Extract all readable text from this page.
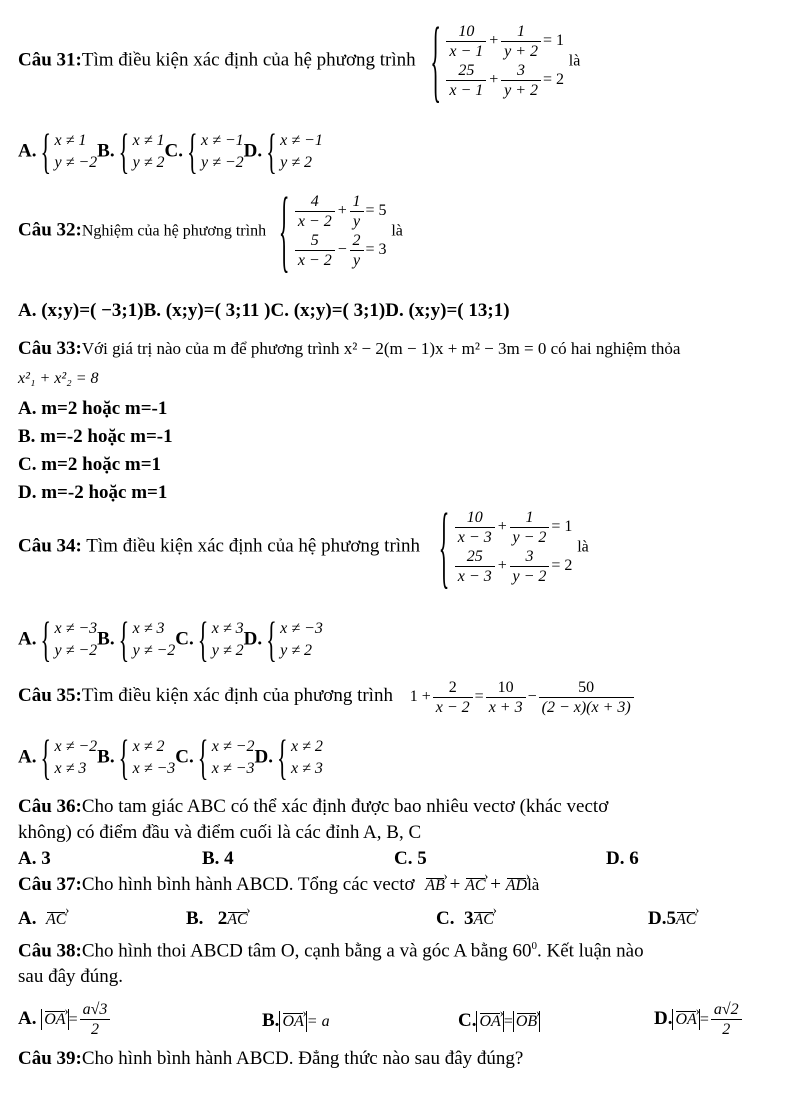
Câu 31:Tìm điều kiện xác định của hệ phương trình { $\frac{10}{x - 1} + \frac{1}{y + 2} = 1$
$\frac{25}{x - 1} + \frac{3}{y + 2} = 2$
là
A. { x ≠ 1
y ≠ −2
B. { x ≠ 1
y ≠ 2
C. { x ≠ −1
y ≠ −2
D. { x ≠ −1
y ≠ 2
Câu 32:Nghiệm của hệ phương trình { $\frac{4}{x - 2} + \frac{1}{y} = 5$
$\frac{5}{x - 2} - \frac{2}{y} = 3$
là
A. (x;y)=( −3;1)B. (x;y)=( 3;11 )C. (x;y)=( 3;1)D. (x;y)=( 13;1)
Câu 33:Với giá trị nào của m để phương trình x² − 2(m − 1)x + m² − 3m = 0 có hai nghiệm thỏa
x²₁ + x²₂ = 8
A. m=2 hoặc m=-1
B. m=-2 hoặc m=-1
C. m=2 hoặc m=1
D. m=-2 hoặc m=1
Câu 34: Tìm điều kiện xác định của hệ phương trình { $\frac{10}{x - 3} + \frac{1}{y - 2} = 1$
$\frac{25}{x - 3} + \frac{3}{y - 2} = 2$
là
A. { x ≠ −3
y ≠ −2
B. { x ≠ 3
y ≠ −2
C. { x ≠ 3
y ≠ 2
D. { x ≠ −3
y ≠ 2
Câu 35:Tìm điều kiện xác định của phương trình $1 + \frac{2}{x - 2} = \frac{10}{x + 3} - \frac{50}{(2 - x)(x + 3)}$
A. { x ≠ −2
x ≠ 3
B. { x ≠ 2
x ≠ −3
C. { x ≠ −2
x ≠ −3
D. { x ≠ 2
x ≠ 3
Câu 36:Cho tam giác ABC có thể xác định được bao nhiêu vectơ (khác vectơ
không) có điểm đầu và điểm cuối là các đỉnh A, B, C
A. 3	B. 4	C. 5	D. 6
Câu 37:Cho hình bình hành ABCD. Tổng các vectơ AB › + AC › + AD ›là
A. AC ›	B. 2AC ›	C. 3AC ›	D.5AC ›
Câu 38:Cho hình thoi ABCD tâm O, cạnh bằng a và góc A bằng $60^0$. Kết luận nào
sau đây đúng.
A. OA › = $\frac{a√3}{2}$	B. OA › = a	C. OA › = OB ›	D. OA › = $\frac{a√2}{2}$
Câu 39:Cho hình bình hành ABCD. Đẳng thức nào sau đây đúng?
